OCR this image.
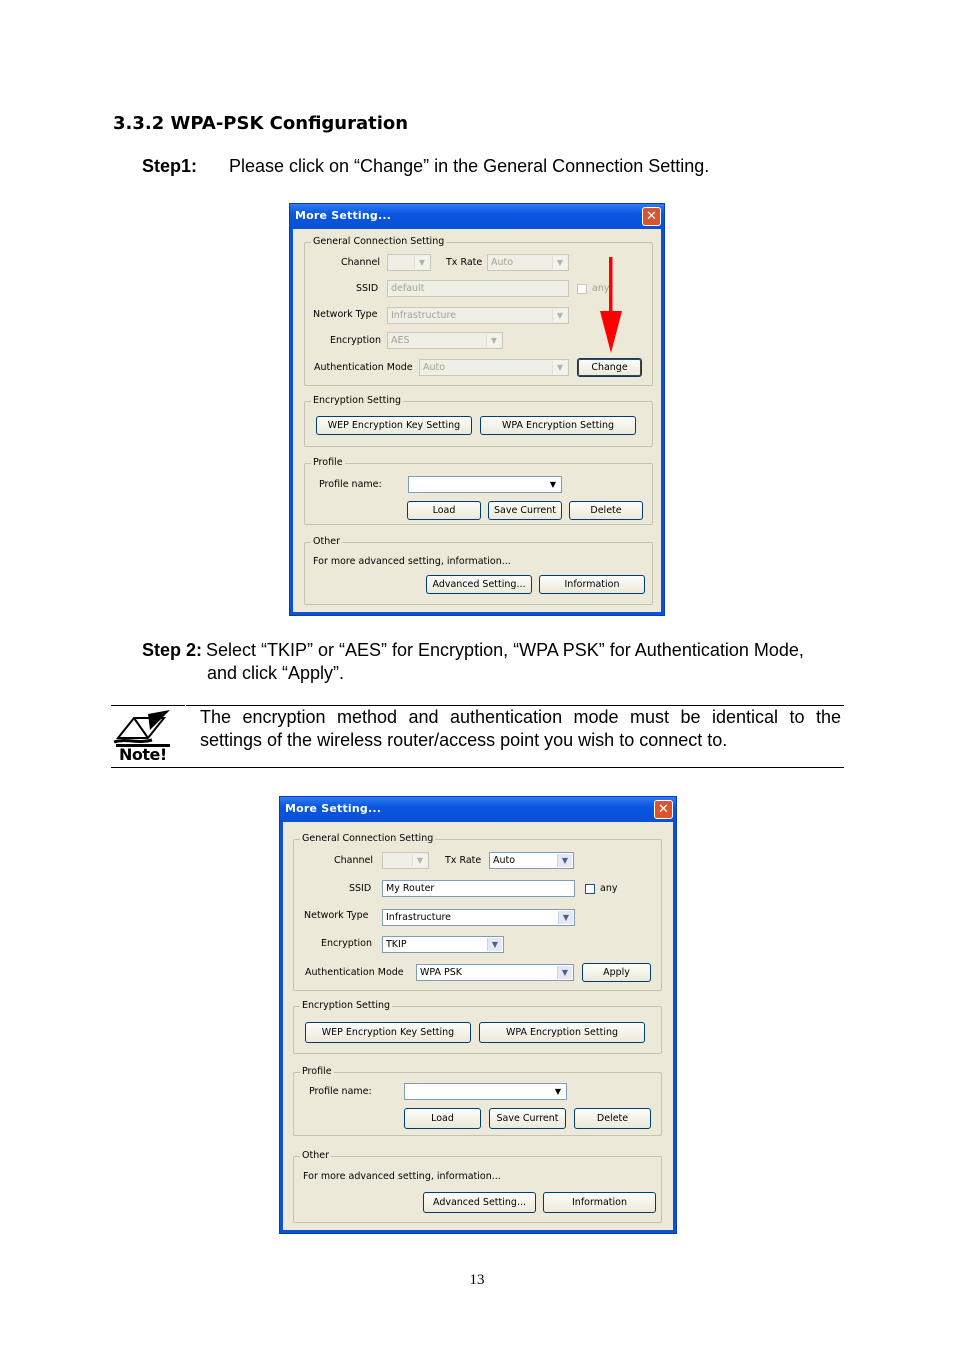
3.3.2 WPA-PSK Configuration
Step1: Please click on “Change” in the General Connection Setting.
More Setting...	✕
General Connection Setting
Channel	▼	Tx Rate Auto	▼
SSID	default	any
Network Type	Infrastructure	▼
Encryption	AES	▼
Authentication Mode	Auto	▼	Change
Encryption Setting
WEP Encryption Key Setting	WPA Encryption Setting
Profile
Profile name:	▼
Load	Save Current	Delete
Other
For more advanced setting, information...
Advanced Setting...	Information
Step 2: Select “TKIP” or “AES” for Encryption, “WPA PSK” for Authentication Mode,
and click “Apply”.
Note!
The encryption method and authentication mode must be identical to the settings of the wireless router/access point you wish to connect to.
More Setting...	✕
General Connection Setting
Channel	▼	Tx Rate	Auto	▼
SSID	My Router	any
Network Type	Infrastructure	▼
Encryption	TKIP	▼
Authentication Mode	WPA PSK	▼	Apply
Encryption Setting
WEP Encryption Key Setting	WPA Encryption Setting
Profile
Profile name:	▼
Load	Save Current	Delete
Other
For more advanced setting, information...
Advanced Setting...	Information
13
